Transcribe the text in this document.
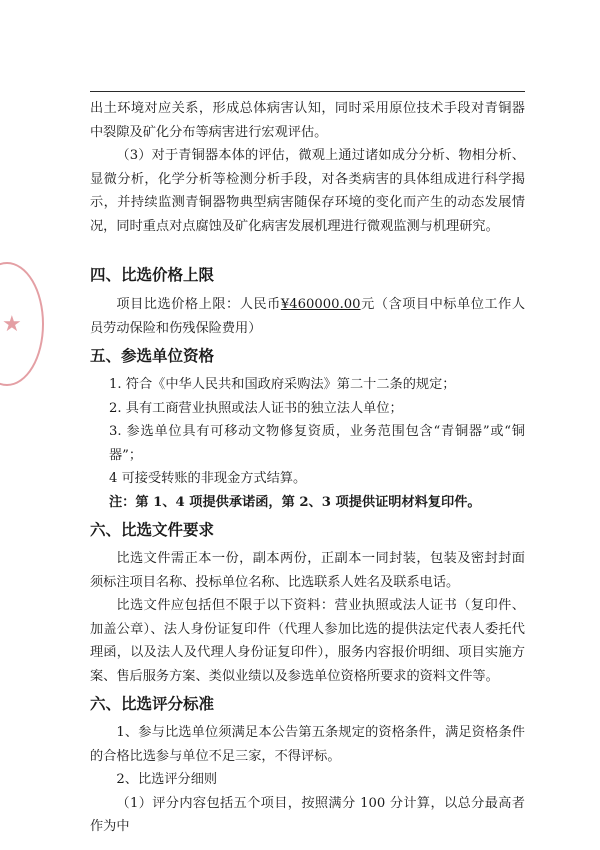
★

出土环境对应关系，形成总体病害认知，同时采用原位技术手段对青铜器中裂隙及矿化分布等病害进行宏观评估。

（3）对于青铜器本体的评估，微观上通过诸如成分分析、物相分析、显微分析，化学分析等检测分析手段，对各类病害的具体组成进行科学揭示，并持续监测青铜器物典型病害随保存环境的变化而产生的动态发展情况，同时重点对点腐蚀及矿化病害发展机理进行微观监测与机理研究。

四、比选价格上限

项目比选价格上限：人民币¥460000.00元（含项目中标单位工作人员劳动保险和伤残保险费用）

五、参选单位资格

1. 符合《中华人民共和国政府采购法》第二十二条的规定；

2. 具有工商营业执照或法人证书的独立法人单位；

3. 参选单位具有可移动文物修复资质，业务范围包含“青铜器”或“铜器”；

4 可接受转账的非现金方式结算。

注：第 1、4 项提供承诺函，第 2、3 项提供证明材料复印件。

六、比选文件要求

比选文件需正本一份，副本两份，正副本一同封装，包装及密封封面须标注项目名称、投标单位名称、比选联系人姓名及联系电话。

比选文件应包括但不限于以下资料：营业执照或法人证书（复印件、加盖公章）、法人身份证复印件（代理人参加比选的提供法定代表人委托代理函，以及法人及代理人身份证复印件），服务内容报价明细、项目实施方案、售后服务方案、类似业绩以及参选单位资格所要求的资料文件等。

六、比选评分标准

1、参与比选单位须满足本公告第五条规定的资格条件，满足资格条件的合格比选参与单位不足三家，不得评标。

2、比选评分细则

（1）评分内容包括五个项目，按照满分 100 分计算，以总分最高者作为中
